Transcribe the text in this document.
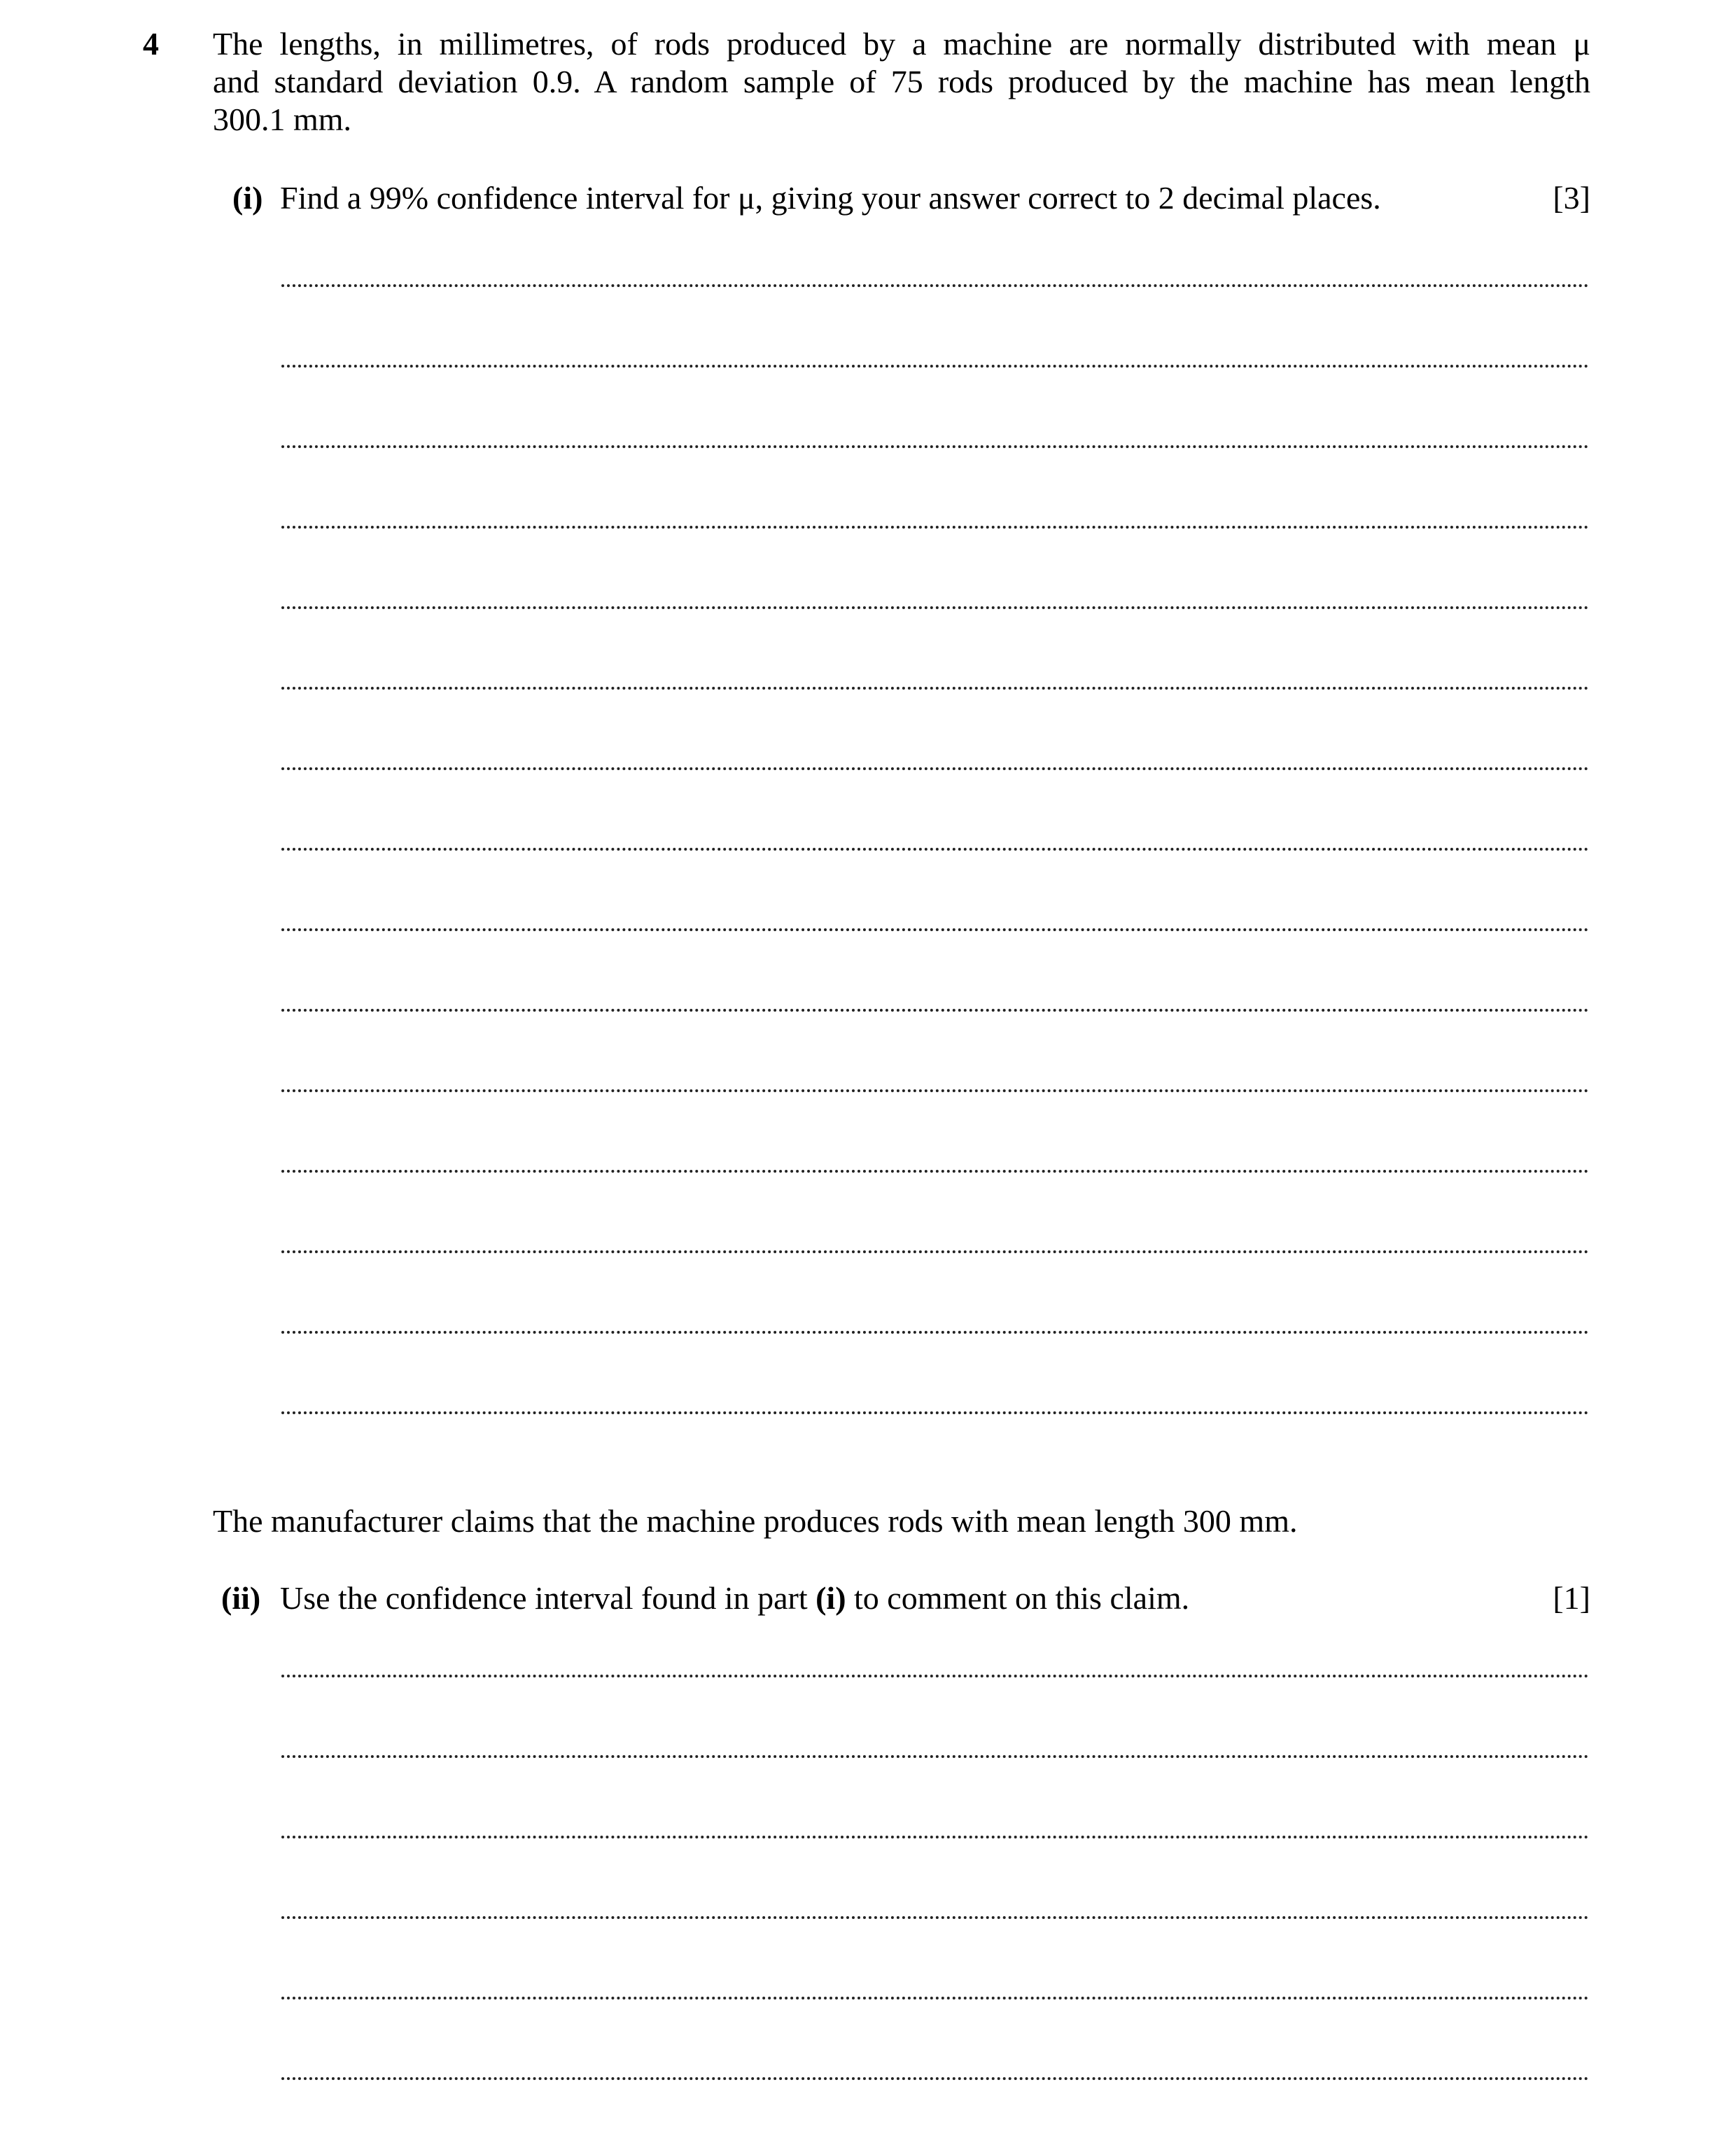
4 The lengths, in millimetres, of rods produced by a machine are normally distributed with mean μ
and standard deviation 0.9. A random sample of 75 rods produced by the machine has mean length
300.1 mm.
(i) Find a 99% confidence interval for μ, giving your answer correct to 2 decimal places.	[3]
The manufacturer claims that the machine produces rods with mean length 300 mm.
(ii) Use the confidence interval found in part (i) to comment on this claim.	[1]
